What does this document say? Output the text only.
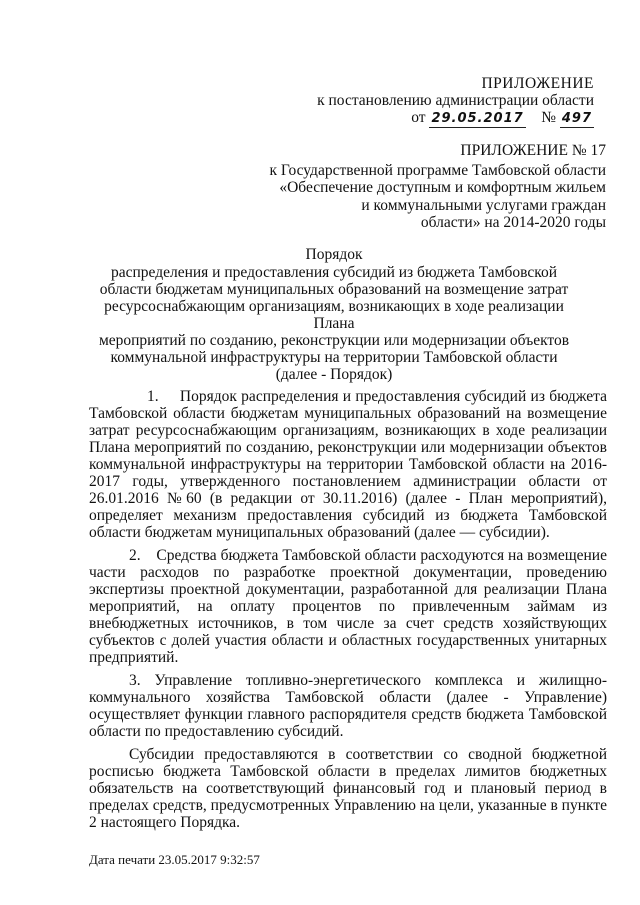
ПРИЛОЖЕНИЕ
к постановлению администрации области
от 29.05.2017 № 497
ПРИЛОЖЕНИЕ № 17
к Государственной программе Тамбовской области
«Обеспечение доступным и комфортным жильем
и коммунальными услугами граждан
области» на 2014-2020 годы
Порядок
распределения и предоставления субсидий из бюджета Тамбовской
области бюджетам муниципальных образований на возмещение затрат
ресурсоснабжающим организациям, возникающих в ходе реализации Плана
мероприятий по созданию, реконструкции или модернизации объектов
коммунальной инфраструктуры на территории Тамбовской области
(далее - Порядок)

1.     Порядок распределения и предоставления субсидий из бюджета Тамбовской области бюджетам муниципальных образований на возмещение затрат ресурсоснабжающим организациям, возникающих в ходе реализации Плана мероприятий по созданию, реконструкции или модернизации объектов коммунальной инфраструктуры на территории Тамбовской области на 2016-2017 годы, утвержденного постановлением администрации области от 26.01.2016 №60 (в редакции от 30.11.2016) (далее - План мероприятий), определяет механизм предоставления субсидий из бюджета Тамбовской области бюджетам муниципальных образований (далее — субсидии).

2.    Средства бюджета Тамбовской области расходуются на возмещение части расходов по разработке проектной документации, проведению экспертизы проектной документации, разработанной для реализации Плана мероприятий, на оплату процентов по привлеченным займам из внебюджетных источников, в том числе за счет средств хозяйствующих субъектов с долей участия области и областных государственных унитарных предприятий.

3. Управление топливно-энергетического комплекса и жилищно-коммунального хозяйства Тамбовской области (далее - Управление) осуществляет функции главного распорядителя средств бюджета Тамбовской области по предоставлению субсидий.

Субсидии предоставляются в соответствии со сводной бюджетной росписью бюджета Тамбовской области в пределах лимитов бюджетных обязательств на соответствующий финансовый год и плановый период в пределах средств, предусмотренных Управлению на цели, указанные в пункте 2 настоящего Порядка.

Дата печати 23.05.2017 9:32:57
